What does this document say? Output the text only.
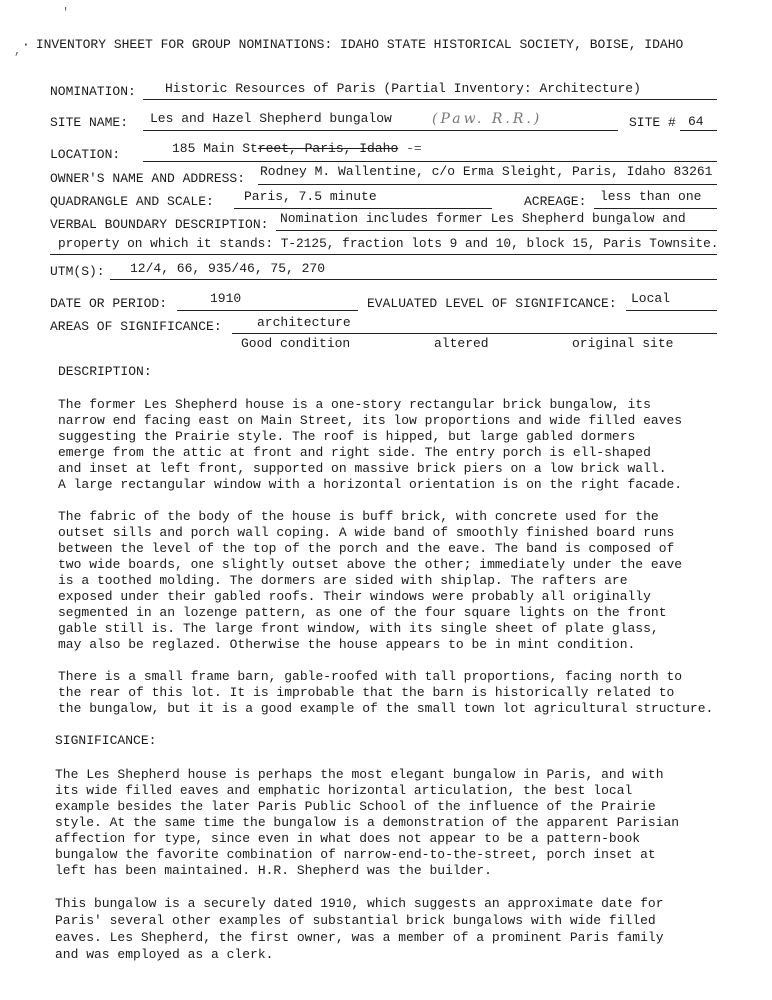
'
, · INVENTORY SHEET FOR GROUP NOMINATIONS: IDAHO STATE HISTORICAL SOCIETY, BOISE, IDAHO
NOMINATION: Historic Resources of Paris (Partial Inventory: Architecture)
SITE NAME: Les and Hazel Shepherd bungalow	(Paw. R.R.)	SITE # 64
LOCATION:	185 Main Street, Paris, Idaho -=
OWNER'S NAME AND ADDRESS: Rodney M. Wallentine, c/o Erma Sleight, Paris, Idaho 83261
QUADRANGLE AND SCALE: Paris, 7.5 minute	ACREAGE: less than one
VERBAL BOUNDARY DESCRIPTION: Nomination includes former Les Shepherd bungalow and
property on which it stands: T-2125, fraction lots 9 and 10, block 15, Paris Townsite.
UTM(S): 12/4, 66, 935/46, 75, 270
DATE OR PERIOD:	1910	EVALUATED LEVEL OF SIGNIFICANCE: Local
AREAS OF SIGNIFICANCE:	architecture
Good condition	altered	original site
DESCRIPTION:
The former Les Shepherd house is a one-story rectangular brick bungalow, its
narrow end facing east on Main Street, its low proportions and wide filled eaves
suggesting the Prairie style. The roof is hipped, but large gabled dormers
emerge from the attic at front and right side. The entry porch is ell-shaped
and inset at left front, supported on massive brick piers on a low brick wall.
A large rectangular window with a horizontal orientation is on the right facade.
The fabric of the body of the house is buff brick, with concrete used for the
outset sills and porch wall coping. A wide band of smoothly finished board runs
between the level of the top of the porch and the eave. The band is composed of
two wide boards, one slightly outset above the other; immediately under the eave
is a toothed molding. The dormers are sided with shiplap. The rafters are
exposed under their gabled roofs. Their windows were probably all originally
segmented in an lozenge pattern, as one of the four square lights on the front
gable still is. The large front window, with its single sheet of plate glass,
may also be reglazed. Otherwise the house appears to be in mint condition.
There is a small frame barn, gable-roofed with tall proportions, facing north to
the rear of this lot. It is improbable that the barn is historically related to
the bungalow, but it is a good example of the small town lot agricultural structure.
SIGNIFICANCE:
The Les Shepherd house is perhaps the most elegant bungalow in Paris, and with
its wide filled eaves and emphatic horizontal articulation, the best local
example besides the later Paris Public School of the influence of the Prairie
style. At the same time the bungalow is a demonstration of the apparent Parisian
affection for type, since even in what does not appear to be a pattern-book
bungalow the favorite combination of narrow-end-to-the-street, porch inset at
left has been maintained. H.R. Shepherd was the builder.
This bungalow is a securely dated 1910, which suggests an approximate date for
Paris' several other examples of substantial brick bungalows with wide filled
eaves. Les Shepherd, the first owner, was a member of a prominent Paris family
and was employed as a clerk.
